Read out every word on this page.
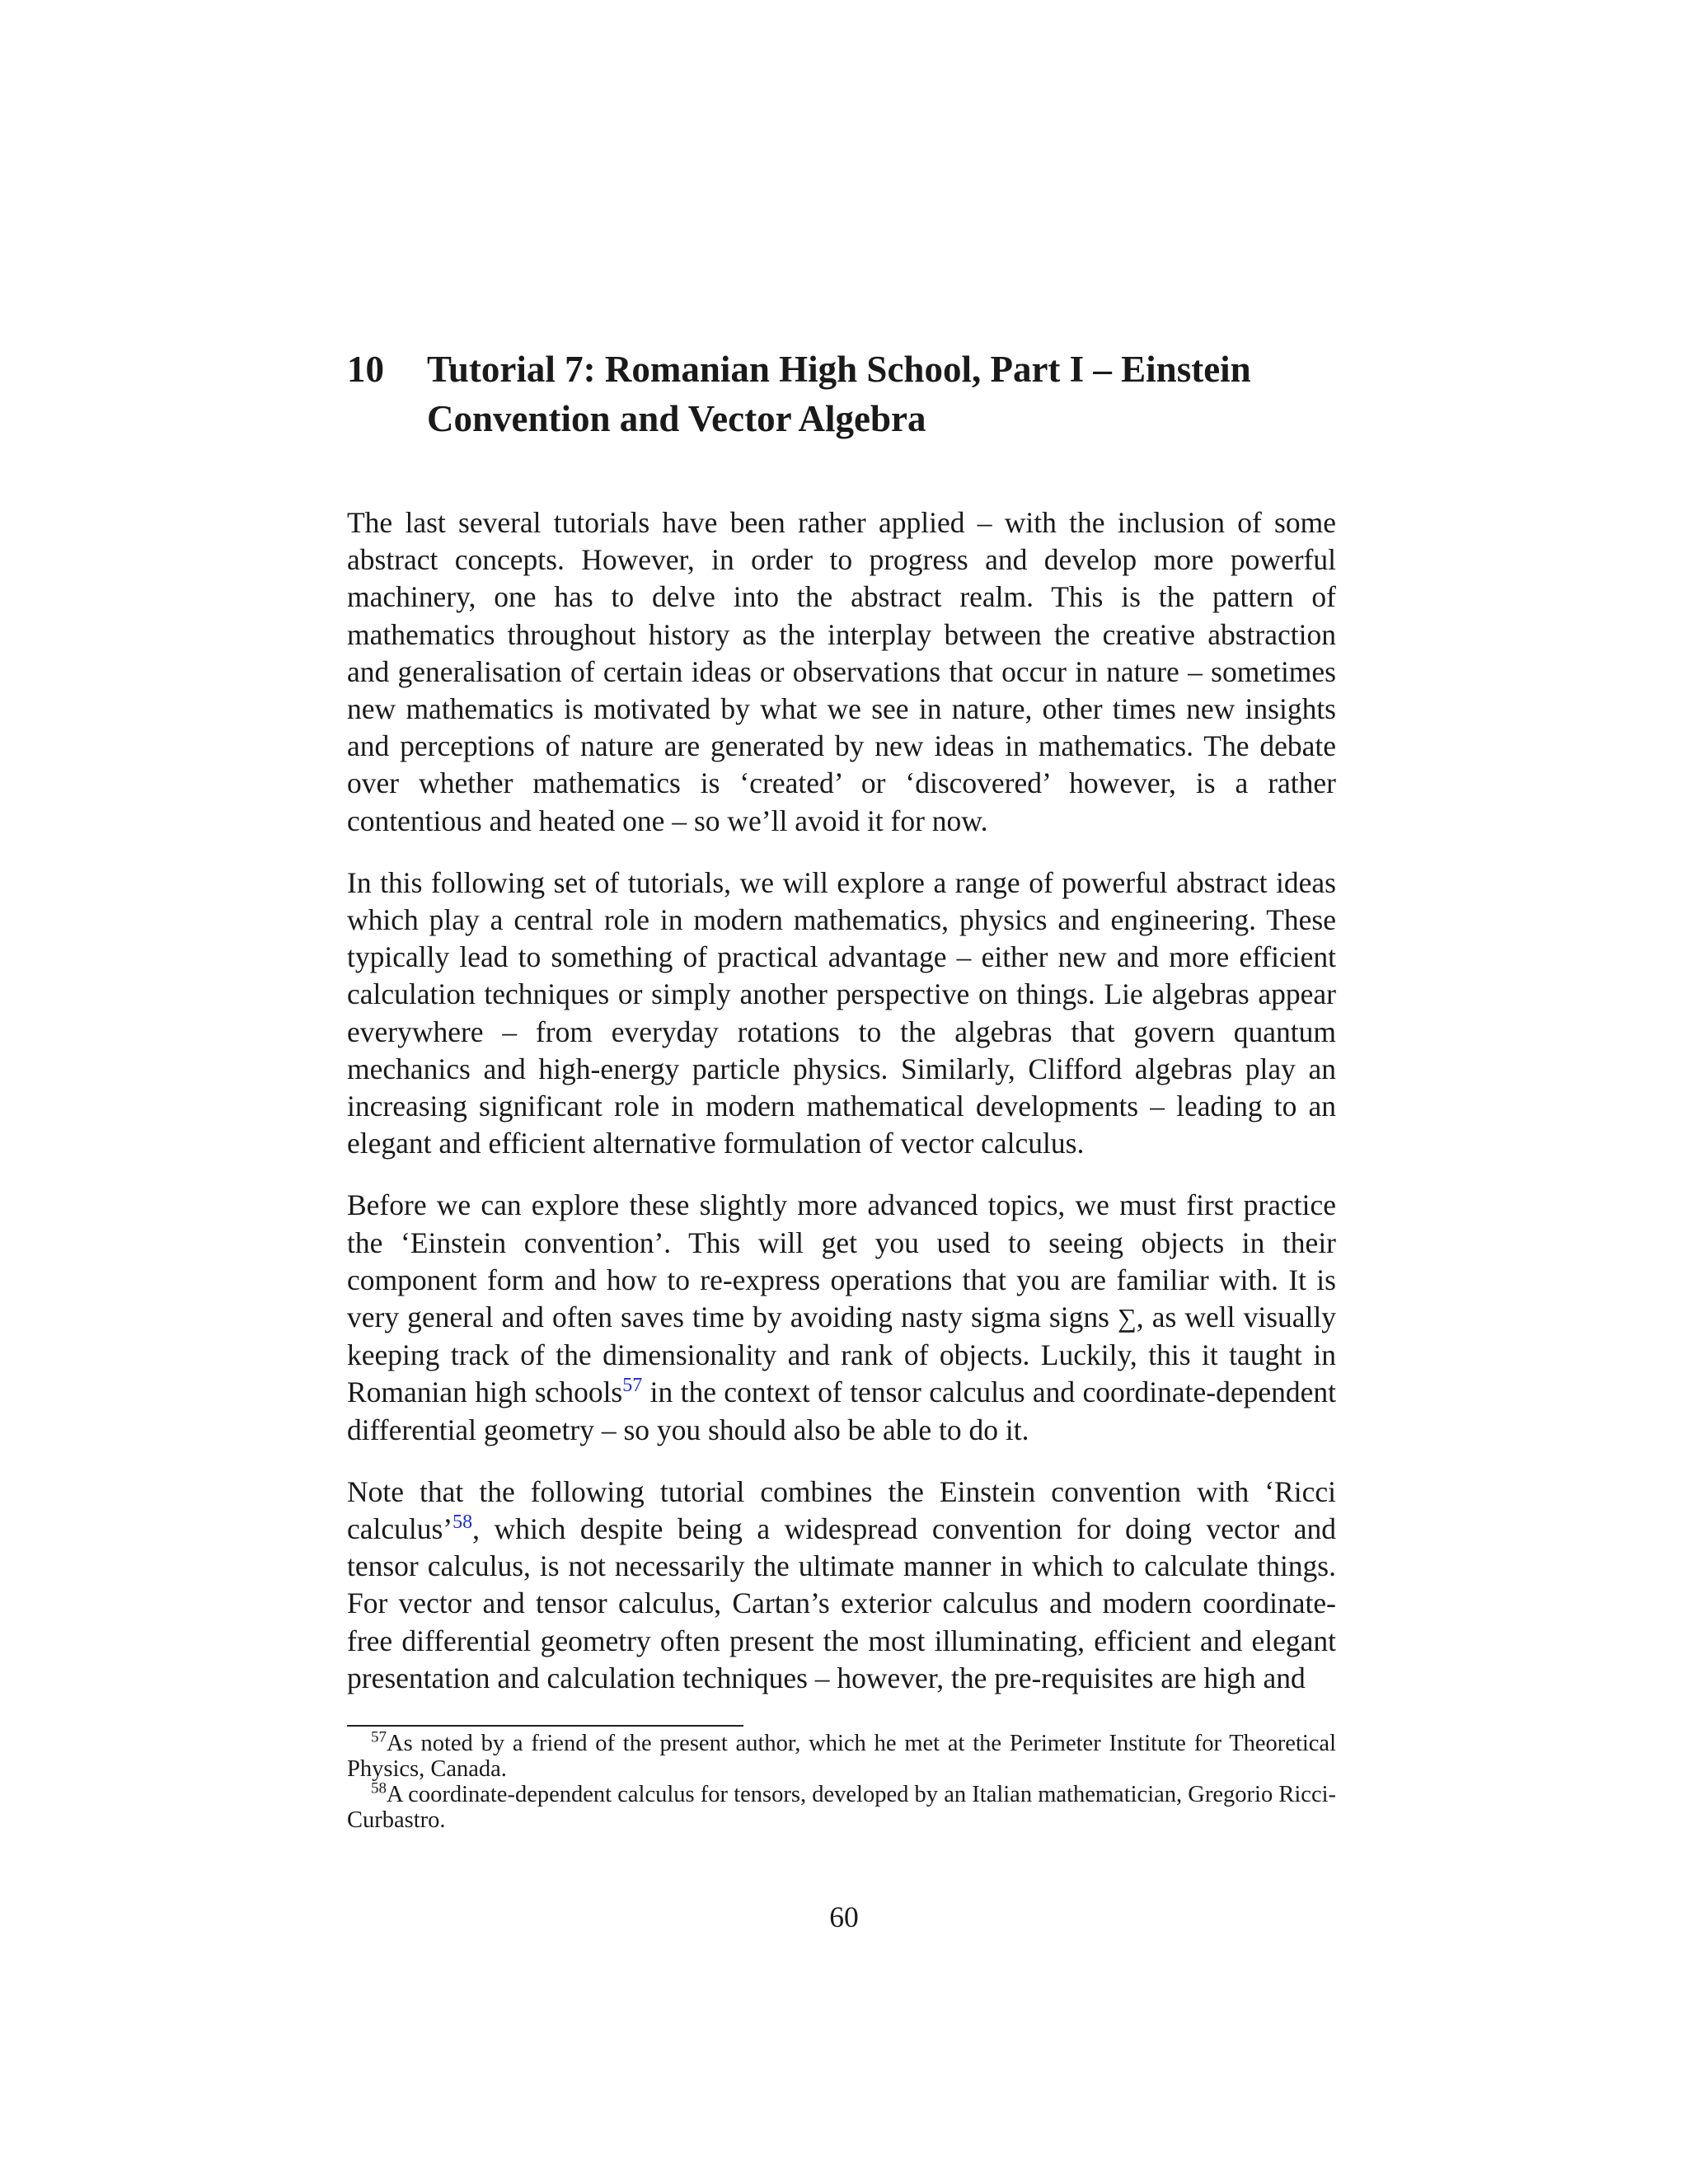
10	Tutorial 7: Romanian High School, Part I – Einstein Convention and Vector Algebra

The last several tutorials have been rather applied – with the inclusion of some abstract concepts. However, in order to progress and develop more powerful machinery, one has to delve into the abstract realm. This is the pattern of mathematics throughout history as the interplay between the creative abstraction and generalisation of certain ideas or observations that occur in nature – sometimes new mathematics is motivated by what we see in nature, other times new insights and perceptions of nature are generated by new ideas in mathematics. The debate over whether mathematics is ‘created’ or ‘discovered’ however, is a rather contentious and heated one – so we’ll avoid it for now.

In this following set of tutorials, we will explore a range of powerful abstract ideas which play a central role in modern mathematics, physics and engineering. These typically lead to something of practical advantage – either new and more efficient calculation techniques or simply another perspective on things. Lie algebras appear everywhere – from everyday rotations to the algebras that govern quantum mechanics and high-energy particle physics. Similarly, Clifford algebras play an increasing significant role in modern mathematical developments – leading to an elegant and efficient alternative formulation of vector calculus.

Before we can explore these slightly more advanced topics, we must first practice the ‘Einstein convention’. This will get you used to seeing objects in their component form and how to re-express operations that you are familiar with. It is very general and often saves time by avoiding nasty sigma signs ∑, as well visually keeping track of the dimensionality and rank of objects. Luckily, this it taught in Romanian high schools$^{57}$ in the context of tensor calculus and coordinate-dependent differential geometry – so you should also be able to do it.

Note that the following tutorial combines the Einstein convention with ‘Ricci calculus’$^{58}$, which despite being a widespread convention for doing vector and tensor calculus, is not necessarily the ultimate manner in which to calculate things. For vector and tensor calculus, Cartan’s exterior calculus and modern coordinate-free differential geometry often present the most illuminating, efficient and elegant presentation and calculation techniques – however, the pre-requisites are high and

$^{57}$As noted by a friend of the present author, which he met at the Perimeter Institute for Theoretical Physics, Canada.

$^{58}$A coordinate-dependent calculus for tensors, developed by an Italian mathematician, Gregorio Ricci-Curbastro.

60
